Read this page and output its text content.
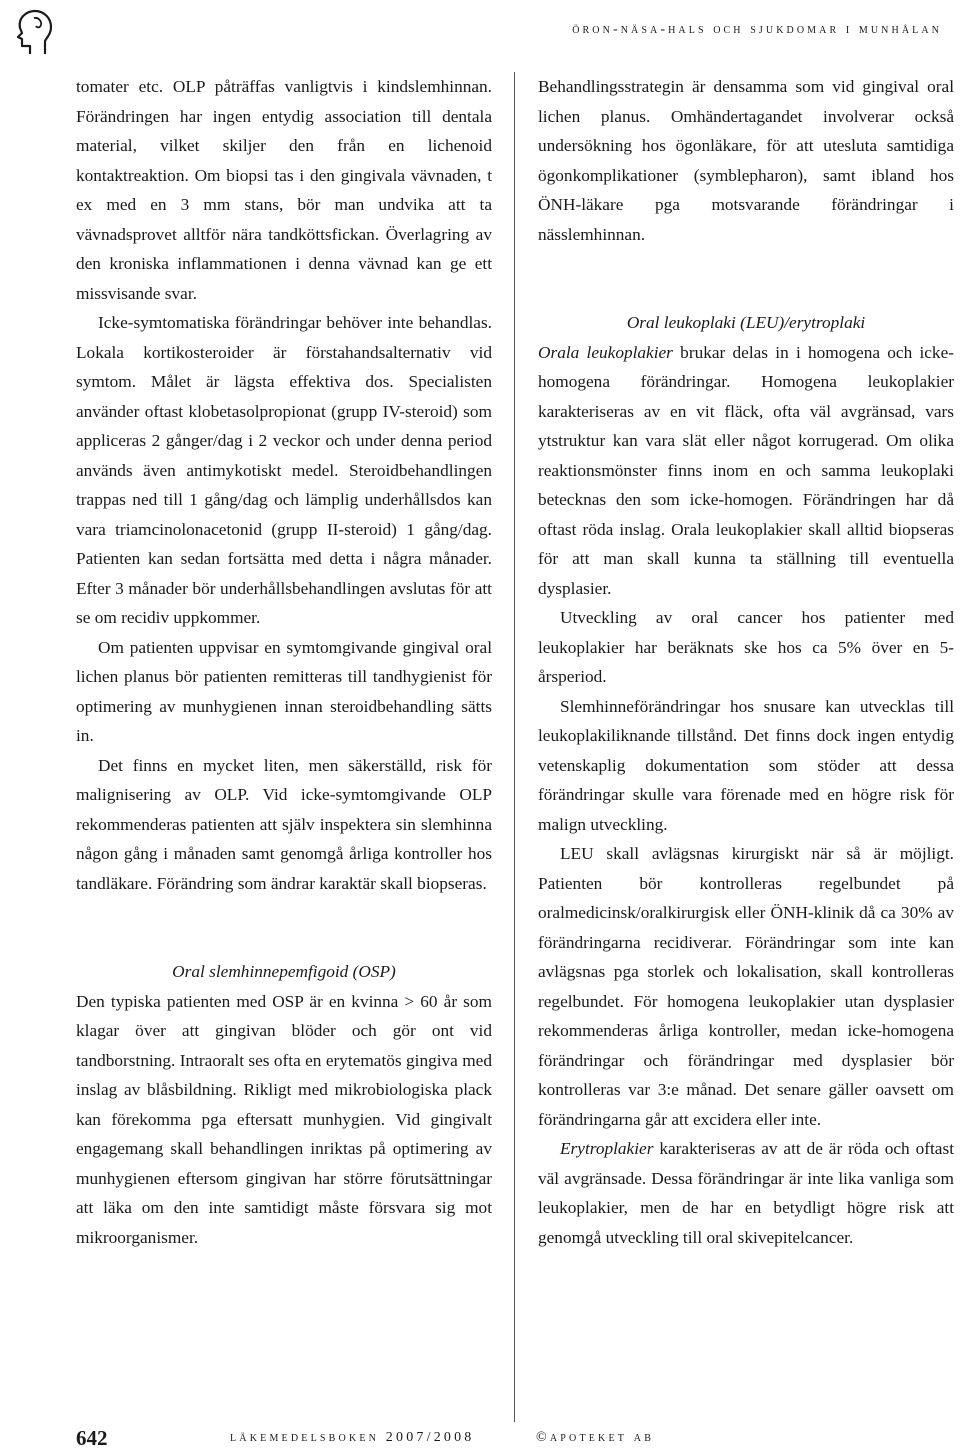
öron-näsa-hals och sjukdomar i munhålan

tomater etc. OLP påträffas vanligtvis i kindslemhinnan. Förändringen har ingen entydig association till dentala material, vilket skiljer den från en lichenoid kontaktreaktion. Om biopsi tas i den gingivala vävnaden, t ex med en 3 mm stans, bör man undvika att ta vävnadsprovet alltför nära tandköttsfickan. Överlagring av den kroniska inflammationen i denna vävnad kan ge ett missvisande svar.

Icke-symtomatiska förändringar behöver inte behandlas. Lokala kortikosteroider är förstahandsalternativ vid symtom. Målet är lägsta effektiva dos. Specialisten använder oftast klobetasolpropionat (grupp IV-steroid) som appliceras 2 gånger/dag i 2 veckor och under denna period används även antimykotiskt medel. Steroidbehandlingen trappas ned till 1 gång/dag och lämplig underhållsdos kan vara triamcinolonacetonid (grupp II-steroid) 1 gång/dag. Patienten kan sedan fortsätta med detta i några månader. Efter 3 månader bör underhållsbehandlingen avslutas för att se om recidiv uppkommer.

Om patienten uppvisar en symtomgivande gingival oral lichen planus bör patienten remitteras till tandhygienist för optimering av munhygienen innan steroidbehandling sätts in.

Det finns en mycket liten, men säkerställd, risk för malignisering av OLP. Vid icke-symtomgivande OLP rekommenderas patienten att själv inspektera sin slemhinna någon gång i månaden samt genomgå årliga kontroller hos tandläkare. Förändring som ändrar karaktär skall biopseras.

Oral slemhinnepemfigoid (OSP)

Den typiska patienten med OSP är en kvinna > 60 år som klagar över att gingivan blöder och gör ont vid tandborstning. Intraoralt ses ofta en erytematös gingiva med inslag av blåsbildning. Rikligt med mikrobiologiska plack kan förekomma pga eftersatt munhygien. Vid gingivalt engagemang skall behandlingen inriktas på optimering av munhygienen eftersom gingivan har större förutsättningar att läka om den inte samtidigt måste försvara sig mot mikroorganismer.

Behandlingsstrategin är densamma som vid gingival oral lichen planus. Omhändertagandet involverar också undersökning hos ögonläkare, för att utesluta samtidiga ögonkomplikationer (symblepharon), samt ibland hos ÖNH-läkare pga motsvarande förändringar i nässlemhinnan.

Oral leukoplaki (LEU)/erytroplaki

Orala leukoplakier brukar delas in i homogena och icke-homogena förändringar. Homogena leukoplakier karakteriseras av en vit fläck, ofta väl avgränsad, vars ytstruktur kan vara slät eller något korrugerad. Om olika reaktionsmönster finns inom en och samma leukoplaki betecknas den som icke-homogen. Förändringen har då oftast röda inslag. Orala leukoplakier skall alltid biopseras för att man skall kunna ta ställning till eventuella dysplasier.

Utveckling av oral cancer hos patienter med leukoplakier har beräknats ske hos ca 5% över en 5-årsperiod.

Slemhinneförändringar hos snusare kan utvecklas till leukoplakiliknande tillstånd. Det finns dock ingen entydig vetenskaplig dokumentation som stöder att dessa förändringar skulle vara förenade med en högre risk för malign utveckling.

LEU skall avlägsnas kirurgiskt när så är möjligt. Patienten bör kontrolleras regelbundet på oralmedicinsk/oralkirurgisk eller ÖNH-klinik då ca 30% av förändringarna recidiverar. Förändringar som inte kan avlägsnas pga storlek och lokalisation, skall kontrolleras regelbundet. För homogena leukoplakier utan dysplasier rekommenderas årliga kontroller, medan icke-homogena förändringar och förändringar med dysplasier bör kontrolleras var 3:e månad. Det senare gäller oavsett om förändringarna går att excidera eller inte.

Erytroplakier karakteriseras av att de är röda och oftast väl avgränsade. Dessa förändringar är inte lika vanliga som leukoplakier, men de har en betydligt högre risk att genomgå utveckling till oral skivepitelcancer.

642	läkemedelsboken 2007/2008	©apoteket ab
